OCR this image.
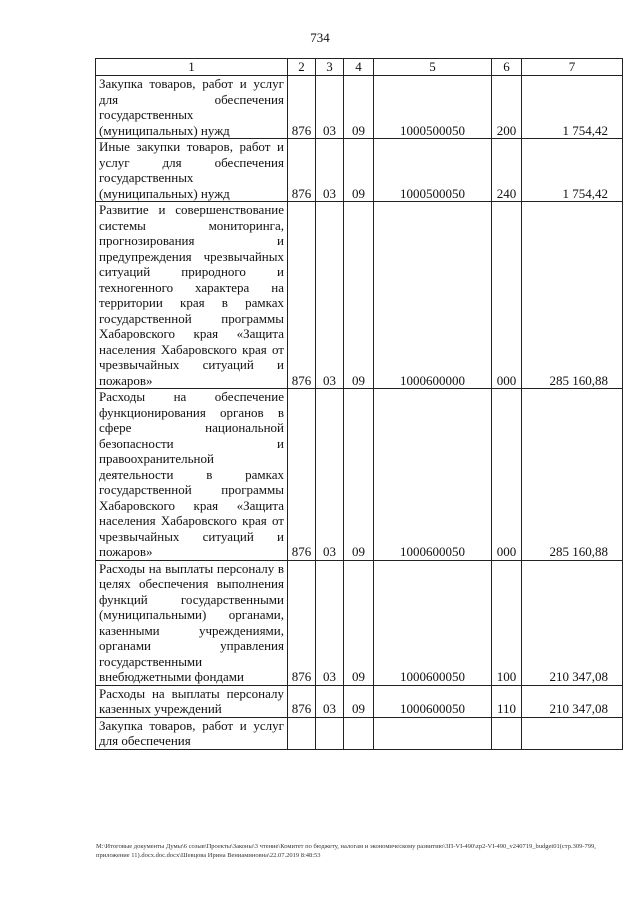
734
1	2	3	4	5	6	7
Закупка товаров, работ и услуг для обеспечения государственных (муниципальных) нужд	876	03	09	1000500050	200	1 754,42
Иные закупки товаров, работ и услуг для обеспечения государственных (муниципальных) нужд	876	03	09	1000500050	240	1 754,42
Развитие и совершенствование системы мониторинга, прогнозирования и предупреждения чрезвычайных ситуаций природного и техногенного характера на территории края в рамках государственной программы Хабаровского края «Защита населения Хабаровского края от чрезвычайных ситуаций и пожаров»	876	03	09	1000600000	000	285 160,88
Расходы на обеспечение функционирования органов в сфере национальной безопасности и правоохранительной деятельности в рамках государственной программы Хабаровского края «Защита населения Хабаровского края от чрезвычайных ситуаций и пожаров»	876	03	09	1000600050	000	285 160,88
Расходы на выплаты персоналу в целях обеспечения выполнения функций государственными (муниципальными) органами, казенными учреждениями, органами управления государственными внебюджетными фондами	876	03	09	1000600050	100	210 347,08
Расходы на выплаты персоналу казенных учреждений	876	03	09	1000600050	110	210 347,08
Закупка товаров, работ и услуг для обеспечения						
M:\Итоговые документы Думы\6 созыв\Проекты\Законы\3 чтение\Комитет по бюджету, налогам и экономическому развитию\3П-VI-490\zp2-VI-490_v240719_budget01(стр.309-799, приложение 11).docx.doc.docx\Шевцова Ирина Вениаминовна\22.07.2019 8:48:53
